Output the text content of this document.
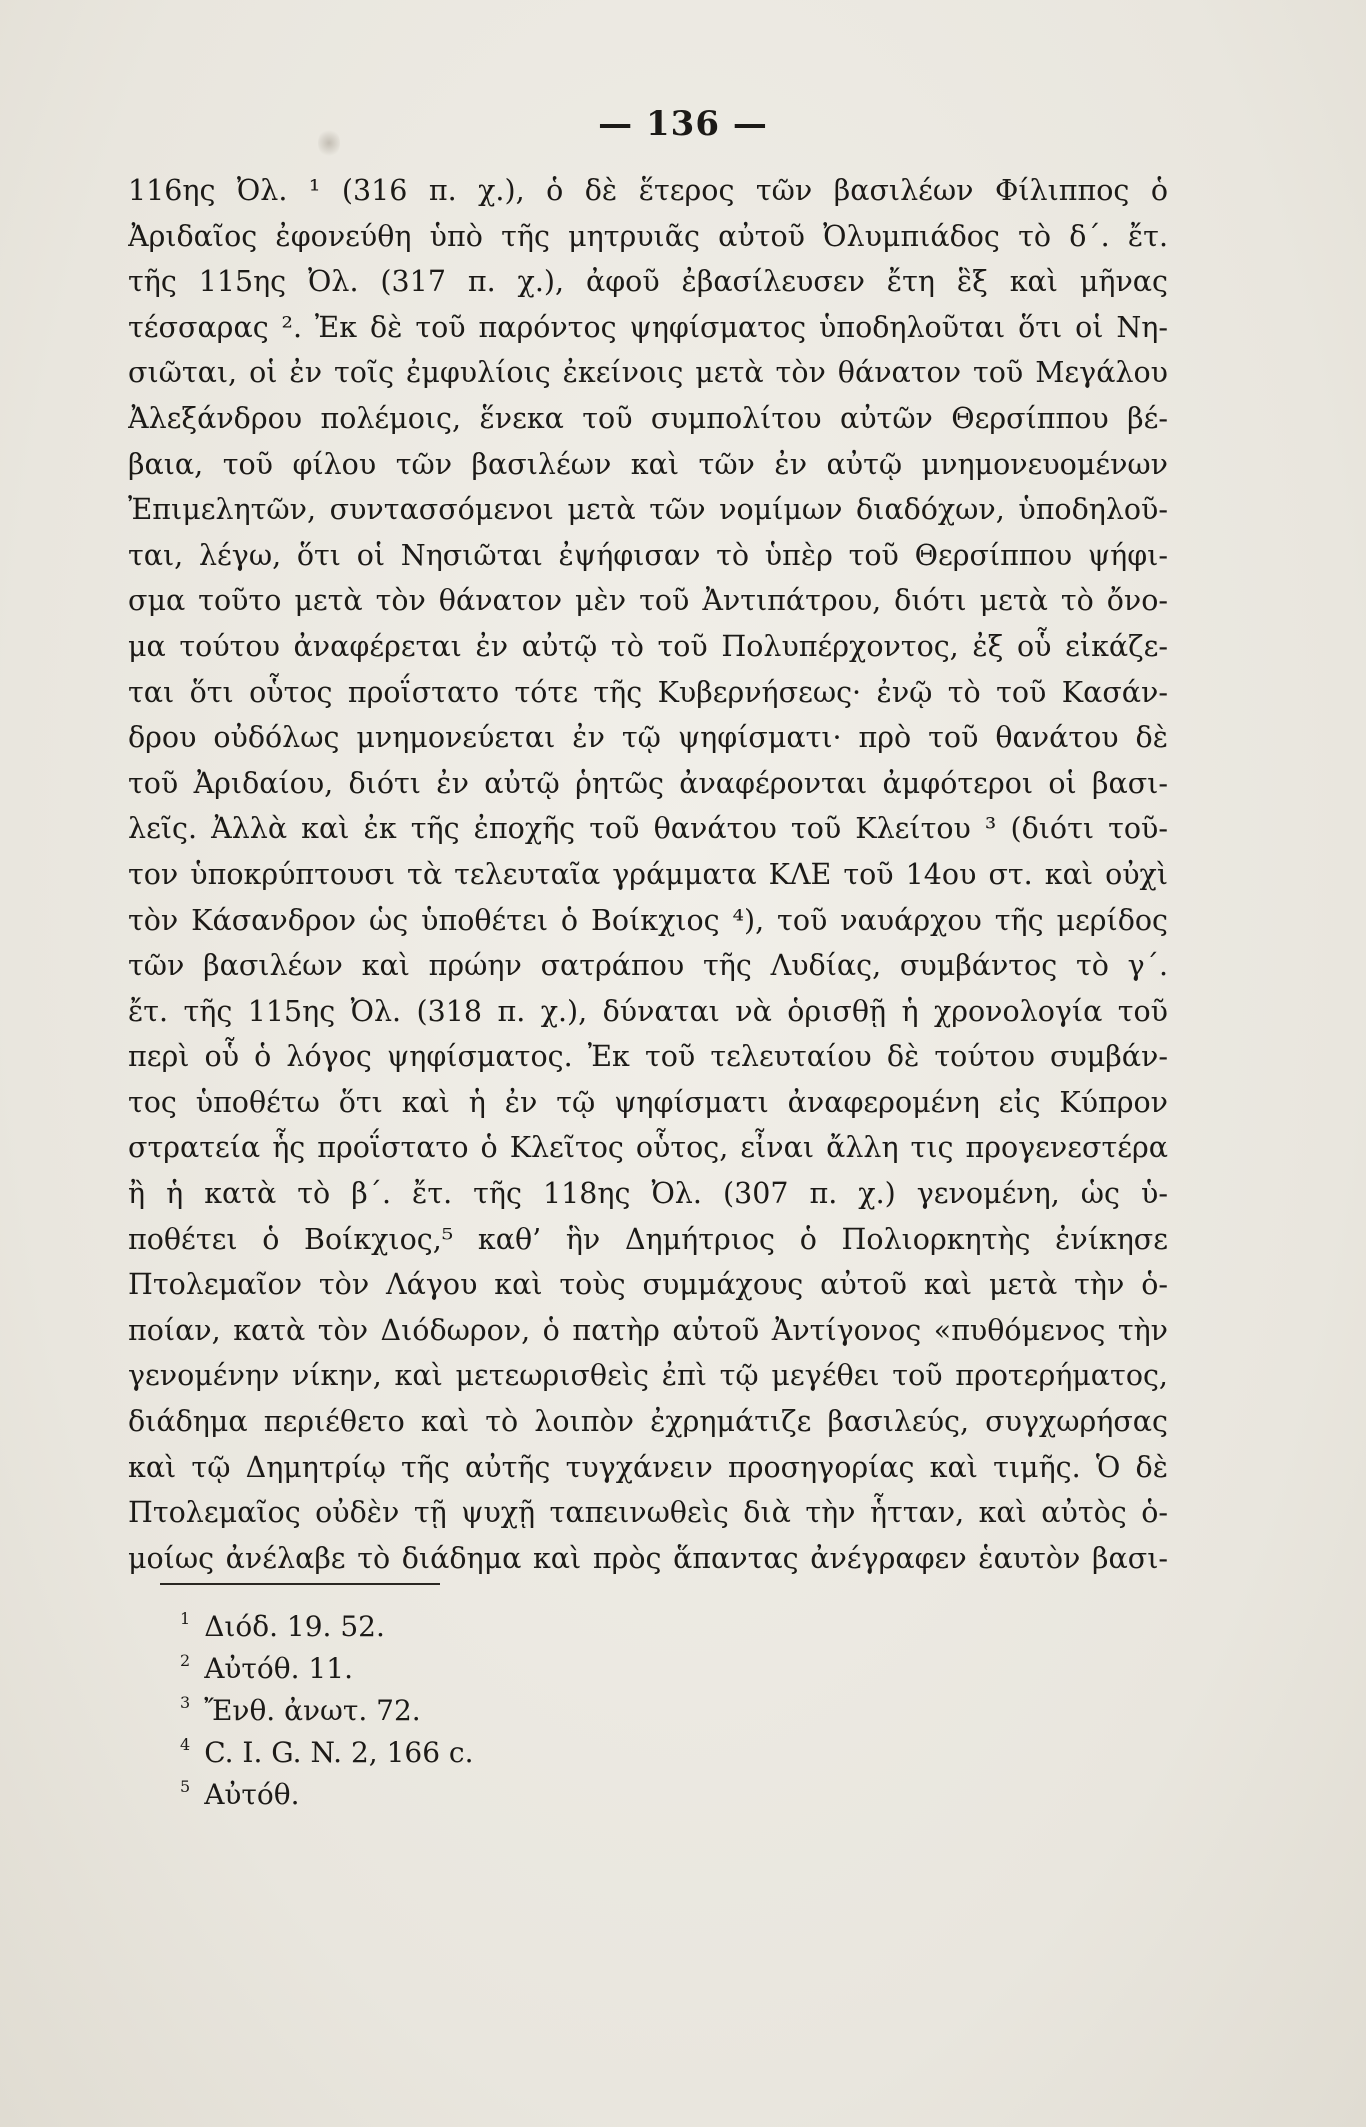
— 136 —
116ης Ὀλ. ¹ (316 π. χ.), ὁ δὲ ἕτερος τῶν βασιλέων Φίλιππος ὁ
Ἀριδαῖος ἐφονεύθη ὑπὸ τῆς μητρυιᾶς αὐτοῦ Ὀλυμπιάδος τὸ δ΄. ἔτ.
τῆς 115ης Ὀλ. (317 π. χ.), ἀφοῦ ἐβασίλευσεν ἔτη ἓξ καὶ μῆνας
τέσσαρας ². Ἐκ δὲ τοῦ παρόντος ψηφίσματος ὑποδηλοῦται ὅτι οἱ Νη-
σιῶται, οἱ ἐν τοῖς ἐμφυλίοις ἐκείνοις μετὰ τὸν θάνατον τοῦ Μεγάλου
Ἀλεξάνδρου πολέμοις, ἕνεκα τοῦ συμπολίτου αὐτῶν Θερσίππου βέ-
βαια, τοῦ φίλου τῶν βασιλέων καὶ τῶν ἐν αὐτῷ μνημονευομένων
Ἐπιμελητῶν, συντασσόμενοι μετὰ τῶν νομίμων διαδόχων, ὑποδηλοῦ-
ται, λέγω, ὅτι οἱ Νησιῶται ἐψήφισαν τὸ ὑπὲρ τοῦ Θερσίππου ψήφι-
σμα τοῦτο μετὰ τὸν θάνατον μὲν τοῦ Ἀντιπάτρου, διότι μετὰ τὸ ὄνο-
μα τούτου ἀναφέρεται ἐν αὐτῷ τὸ τοῦ Πολυπέρχοντος, ἐξ οὗ εἰκάζε-
ται ὅτι οὗτος προΐστατο τότε τῆς Κυβερνήσεως· ἐνῷ τὸ τοῦ Κασάν-
δρου οὐδόλως μνημονεύεται ἐν τῷ ψηφίσματι· πρὸ τοῦ θανάτου δὲ
τοῦ Ἀριδαίου, διότι ἐν αὐτῷ ῥητῶς ἀναφέρονται ἀμφότεροι οἱ βασι-
λεῖς. Ἀλλὰ καὶ ἐκ τῆς ἐποχῆς τοῦ θανάτου τοῦ Κλείτου ³ (διότι τοῦ-
τον ὑποκρύπτουσι τὰ τελευταῖα γράμματα ΚΛΕ τοῦ 14ου στ. καὶ οὐχὶ
τὸν Κάσανδρον ὡς ὑποθέτει ὁ Βοίκχιος ⁴), τοῦ ναυάρχου τῆς μερίδος
τῶν βασιλέων καὶ πρώην σατράπου τῆς Λυδίας, συμβάντος τὸ γ΄.
ἔτ. τῆς 115ης Ὀλ. (318 π. χ.), δύναται νὰ ὁρισθῇ ἡ χρονολογία τοῦ
περὶ οὗ ὁ λόγος ψηφίσματος. Ἐκ τοῦ τελευταίου δὲ τούτου συμβάν-
τος ὑποθέτω ὅτι καὶ ἡ ἐν τῷ ψηφίσματι ἀναφερομένη εἰς Κύπρον
στρατεία ἧς προΐστατο ὁ Κλεῖτος οὗτος, εἶναι ἄλλη τις προγενεστέρα
ἢ ἡ κατὰ τὸ β΄. ἔτ. τῆς 118ης Ὀλ. (307 π. χ.) γενομένη, ὡς ὑ-
ποθέτει ὁ Βοίκχιος,⁵ καθ’ ἣν Δημήτριος ὁ Πολιορκητὴς ἐνίκησε
Πτολεμαῖον τὸν Λάγου καὶ τοὺς συμμάχους αὐτοῦ καὶ μετὰ τὴν ὁ-
ποίαν, κατὰ τὸν Διόδωρον, ὁ πατὴρ αὐτοῦ Ἀντίγονος «πυθόμενος τὴν
γενομένην νίκην, καὶ μετεωρισθεὶς ἐπὶ τῷ μεγέθει τοῦ προτερήματος,
διάδημα περιέθετο καὶ τὸ λοιπὸν ἐχρημάτιζε βασιλεύς, συγχωρήσας
καὶ τῷ Δημητρίῳ τῆς αὐτῆς τυγχάνειν προσηγορίας καὶ τιμῆς. Ὁ δὲ
Πτολεμαῖος οὐδὲν τῇ ψυχῇ ταπεινωθεὶς διὰ τὴν ἧτταν, καὶ αὐτὸς ὁ-
μοίως ἀνέλαβε τὸ διάδημα καὶ πρὸς ἅπαντας ἀνέγραφεν ἑαυτὸν βασι-
$^1$ Διόδ. 19. 52.
$^2$ Αὐτόθ. 11.
$^3$ Ἔνθ. ἀνωτ. 72.
$^4$ C. I. G. N. 2, 166 c.
$^5$ Αὐτόθ.
